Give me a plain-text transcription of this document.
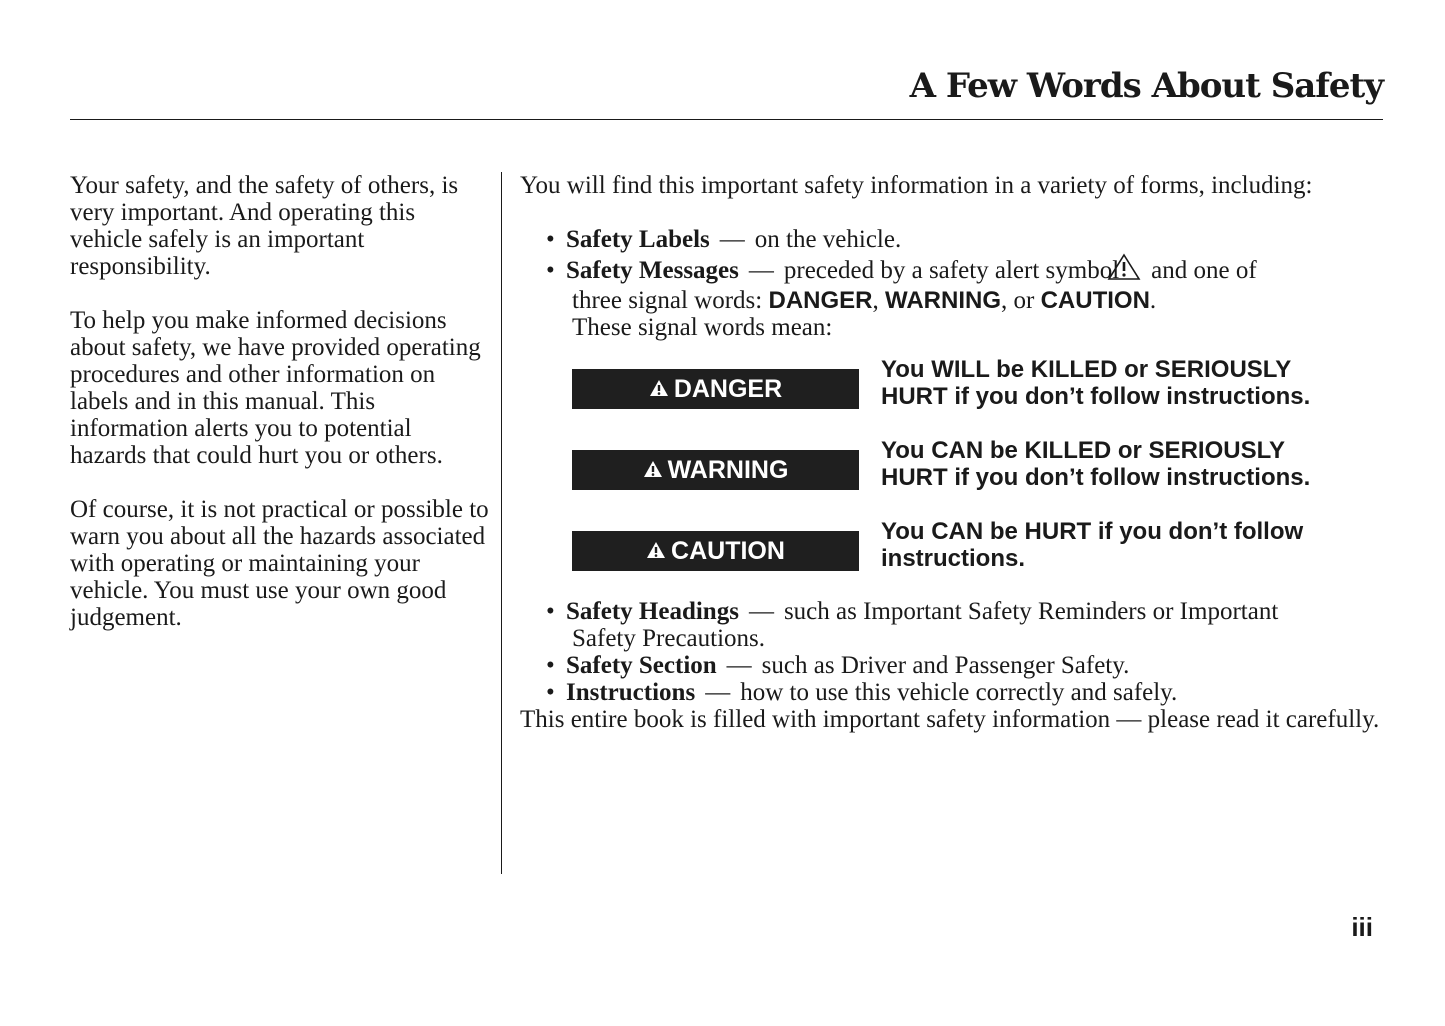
A Few Words About Safety

Your safety, and the safety of others, is very important. And operating this vehicle safely is an important responsibility.

To help you make informed decisions about safety, we have provided operating procedures and other information on labels and in this manual. This information alerts you to potential hazards that could hurt you or others.

Of course, it is not practical or possible to warn you about all the hazards associated with operating or maintaining your vehicle. You must use your own good judgement.

You will find this important safety information in a variety of forms, including:

• Safety Labels — on the vehicle.
• Safety Messages — preceded by a safety alert symbol and one of
three signal words: DANGER, WARNING, or CAUTION.
These signal words mean:
DANGER
You WILL be KILLED or SERIOUSLY
HURT if you don’t follow instructions.
WARNING
You CAN be KILLED or SERIOUSLY
HURT if you don’t follow instructions.
CAUTION
You CAN be HURT if you don’t follow
instructions.
• Safety Headings — such as Important Safety Reminders or Important
Safety Precautions.
• Safety Section — such as Driver and Passenger Safety.
• Instructions — how to use this vehicle correctly and safely.

This entire book is filled with important safety information — please read it carefully.

iii
